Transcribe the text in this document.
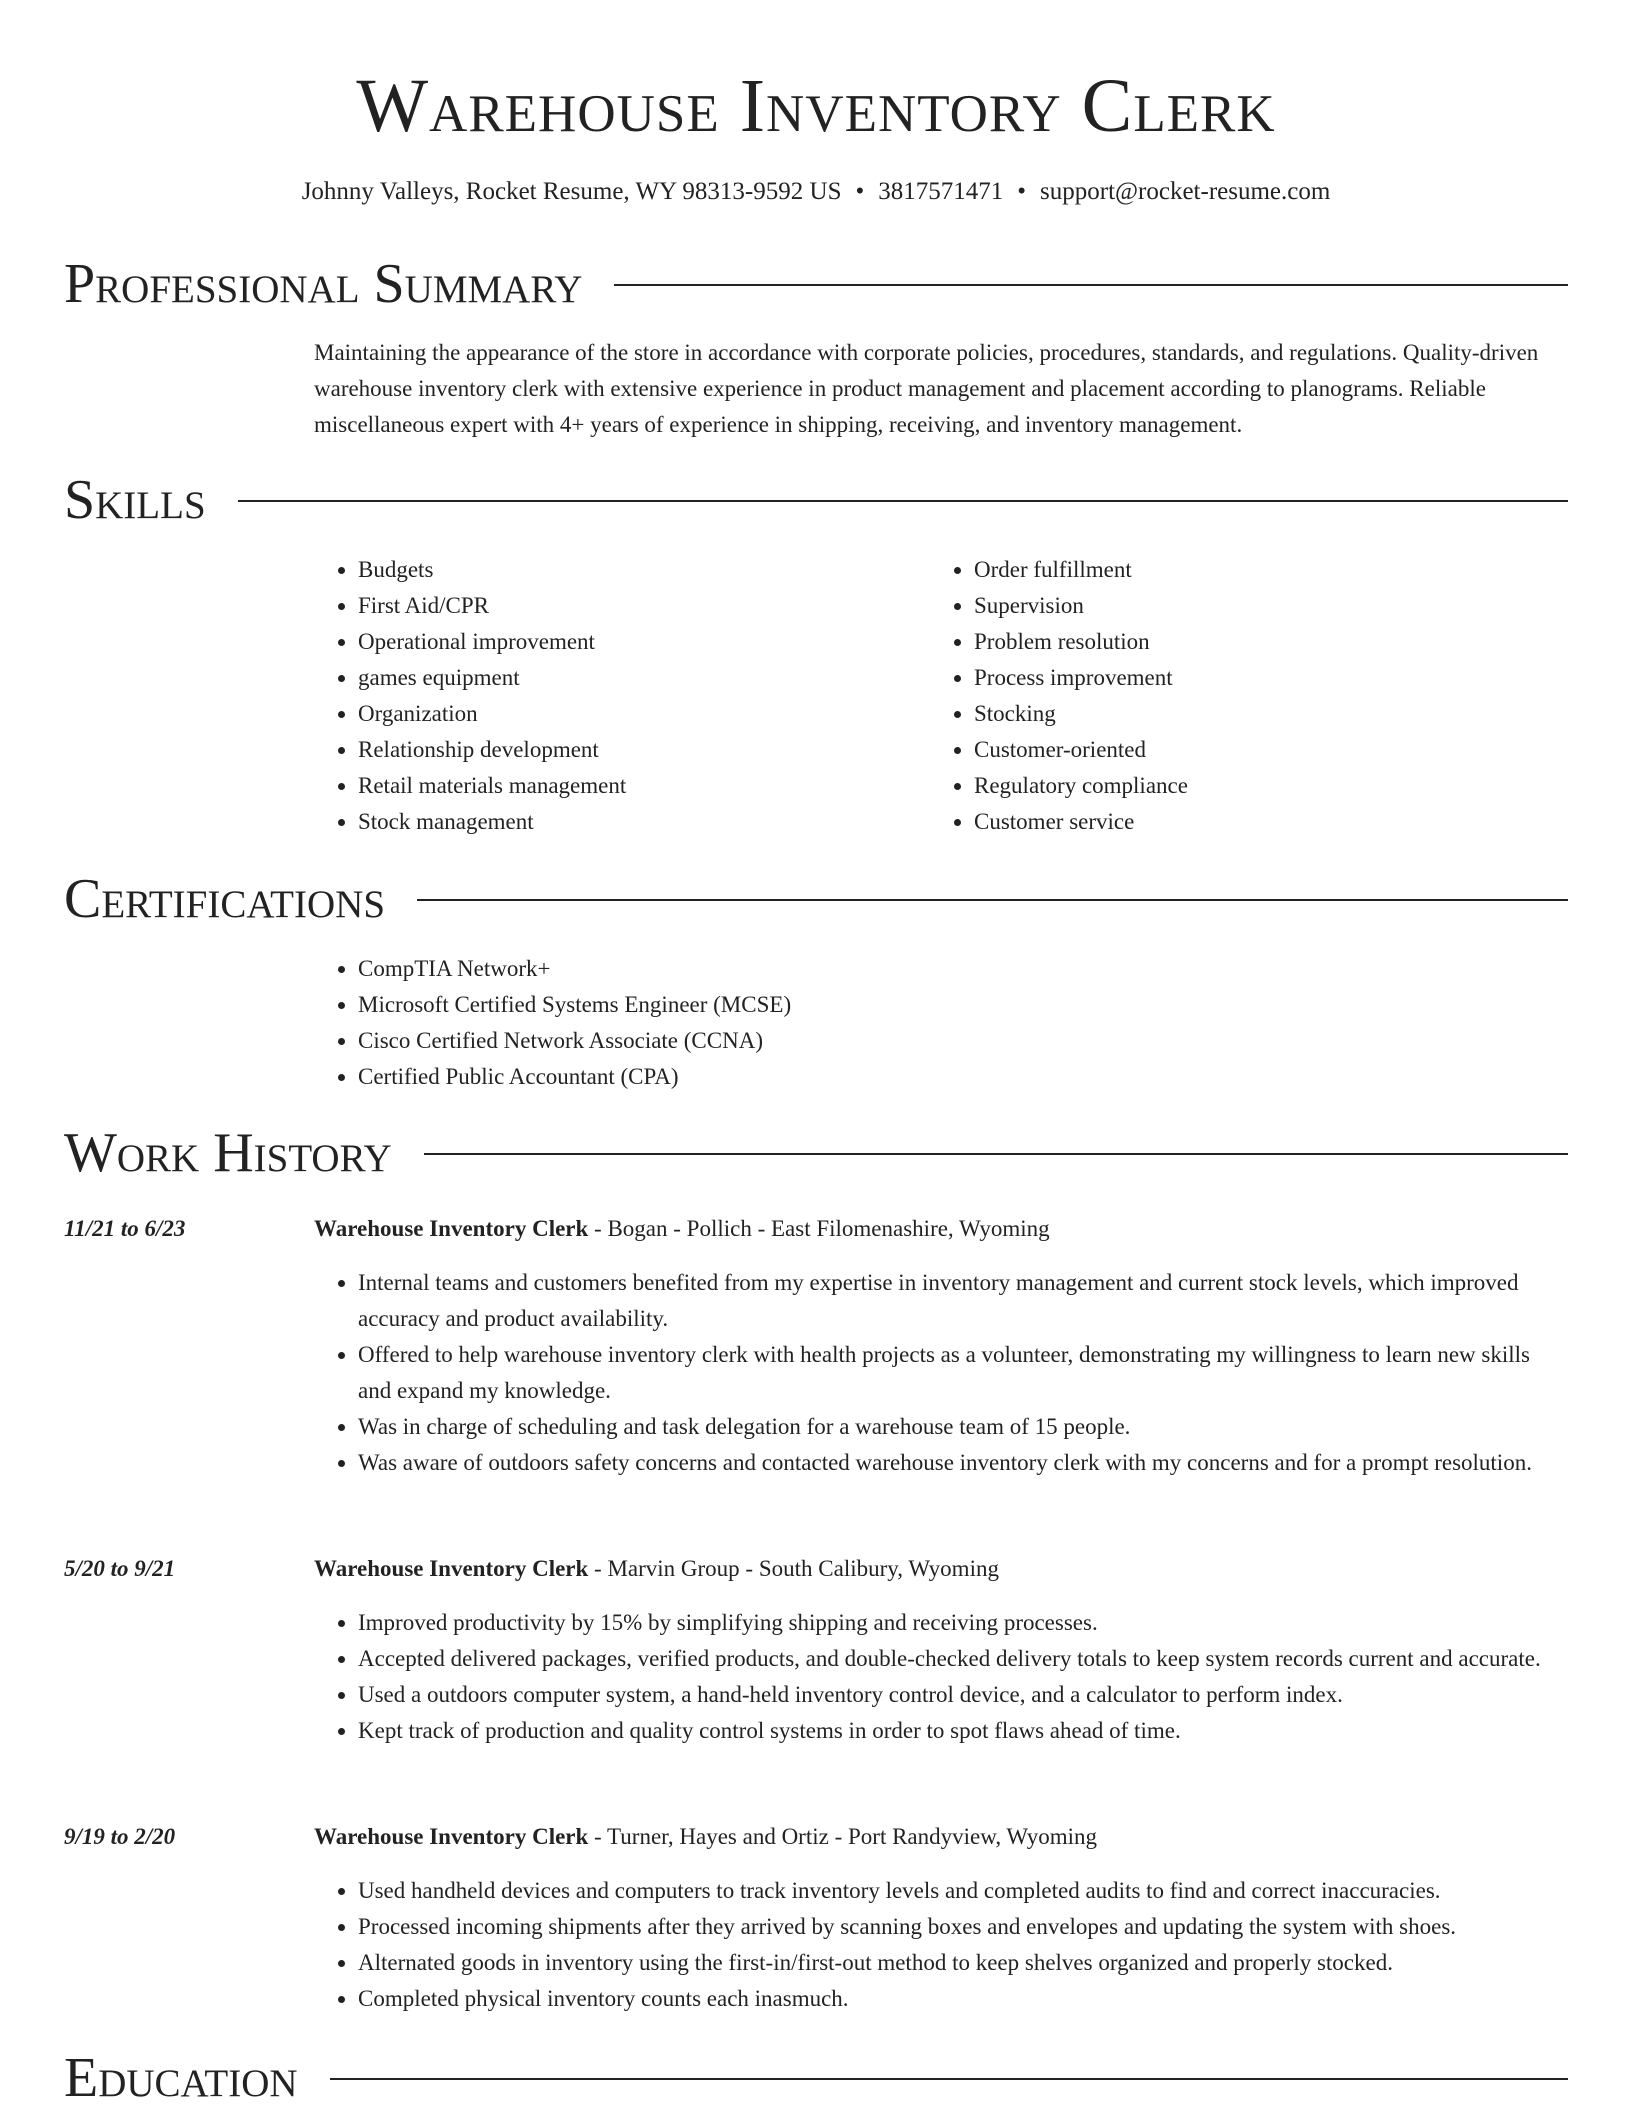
Warehouse Inventory Clerk
Johnny Valleys, Rocket Resume, WY 98313-9592 US • 3817571471 • support@rocket-resume.com
Professional Summary
Maintaining the appearance of the store in accordance with corporate policies, procedures, standards, and regulations. Quality-driven warehouse inventory clerk with extensive experience in product management and placement according to planograms. Reliable miscellaneous expert with 4+ years of experience in shipping, receiving, and inventory management.
Skills
• Budgets
• First Aid/CPR
• Operational improvement
• games equipment
• Organization
• Relationship development
• Retail materials management
• Stock management
• Order fulfillment
• Supervision
• Problem resolution
• Process improvement
• Stocking
• Customer-oriented
• Regulatory compliance
• Customer service
Certifications
• CompTIA Network+
• Microsoft Certified Systems Engineer (MCSE)
• Cisco Certified Network Associate (CCNA)
• Certified Public Accountant (CPA)
Work History
11/21 to 6/23	Warehouse Inventory Clerk - Bogan - Pollich - East Filomenashire, Wyoming
• Internal teams and customers benefited from my expertise in inventory management and current stock levels, which improved accuracy and product availability.
• Offered to help warehouse inventory clerk with health projects as a volunteer, demonstrating my willingness to learn new skills and expand my knowledge.
• Was in charge of scheduling and task delegation for a warehouse team of 15 people.
• Was aware of outdoors safety concerns and contacted warehouse inventory clerk with my concerns and for a prompt resolution.
5/20 to 9/21	Warehouse Inventory Clerk - Marvin Group - South Calibury, Wyoming
• Improved productivity by 15% by simplifying shipping and receiving processes.
• Accepted delivered packages, verified products, and double-checked delivery totals to keep system records current and accurate.
• Used a outdoors computer system, a hand-held inventory control device, and a calculator to perform index.
• Kept track of production and quality control systems in order to spot flaws ahead of time.
9/19 to 2/20	Warehouse Inventory Clerk - Turner, Hayes and Ortiz - Port Randyview, Wyoming
• Used handheld devices and computers to track inventory levels and completed audits to find and correct inaccuracies.
• Processed incoming shipments after they arrived by scanning boxes and envelopes and updating the system with shoes.
• Alternated goods in inventory using the first-in/first-out method to keep shelves organized and properly stocked.
• Completed physical inventory counts each inasmuch.
Education
